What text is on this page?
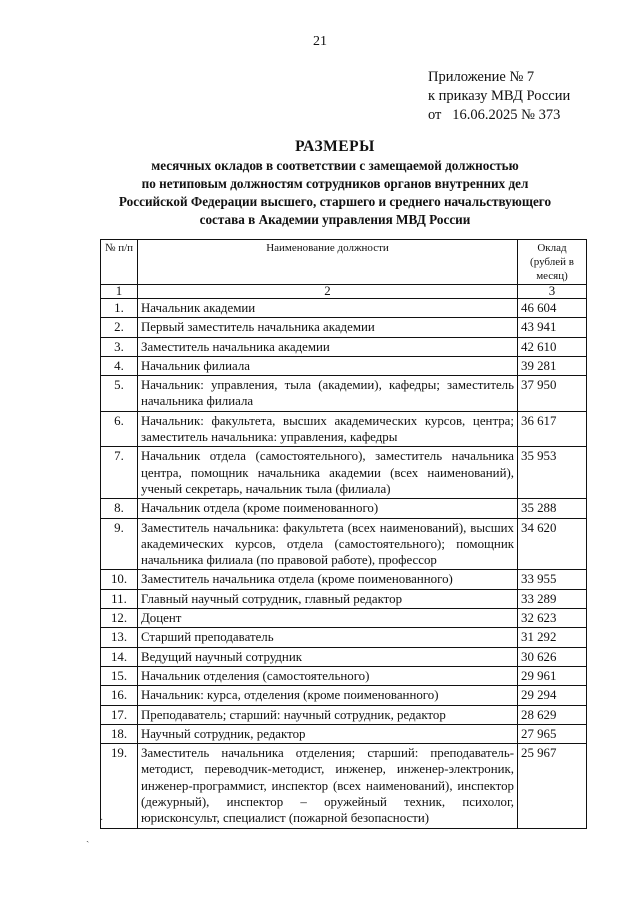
21
Приложение № 7
к приказу МВД России
от   16.06.2025 № 373
РАЗМЕРЫ
месячных окладов в соответствии с замещаемой должностью
по нетиповым должностям сотрудников органов внутренних дел
Российской Федерации высшего, старшего и среднего начальствующего
состава в Академии управления МВД России
№ п/п	Наименование должности	Оклад (рублей в месяц)
1	2	3
1.	Начальник академии	46 604
2.	Первый заместитель начальника академии	43 941
3.	Заместитель начальника академии	42 610
4.	Начальник филиала	39 281
5.	Начальник: управления, тыла (академии), кафедры; заместитель начальника филиала	37 950
6.	Начальник: факультета, высших академических курсов, центра; заместитель начальника: управления, кафедры	36 617
7.	Начальник отдела (самостоятельного), заместитель начальника центра, помощник начальника академии (всех наименований), ученый секретарь, начальник тыла (филиала)	35 953
8.	Начальник отдела (кроме поименованного)	35 288
9.	Заместитель начальника: факультета (всех наименований), высших академических курсов, отдела (самостоятельного); помощник начальника филиала (по правовой работе), профессор	34 620
10.	Заместитель начальника отдела (кроме поименованного)	33 955
11.	Главный научный сотрудник, главный редактор	33 289
12.	Доцент	32 623
13.	Старший преподаватель	31 292
14.	Ведущий научный сотрудник	30 626
15.	Начальник отделения (самостоятельного)	29 961
16.	Начальник: курса, отделения (кроме поименованного)	29 294
17.	Преподаватель; старший: научный сотрудник, редактор	28 629
18.	Научный сотрудник, редактор	27 965
19.	Заместитель начальника отделения; старший: преподаватель-методист, переводчик-методист, инженер, инженер-электроник, инженер-программист, инспектор (всех наименований), инспектор (дежурный), инспектор – оружейный техник, психолог, юрисконсульт, специалист (пожарной безопасности)	25 967
·
ˎ
